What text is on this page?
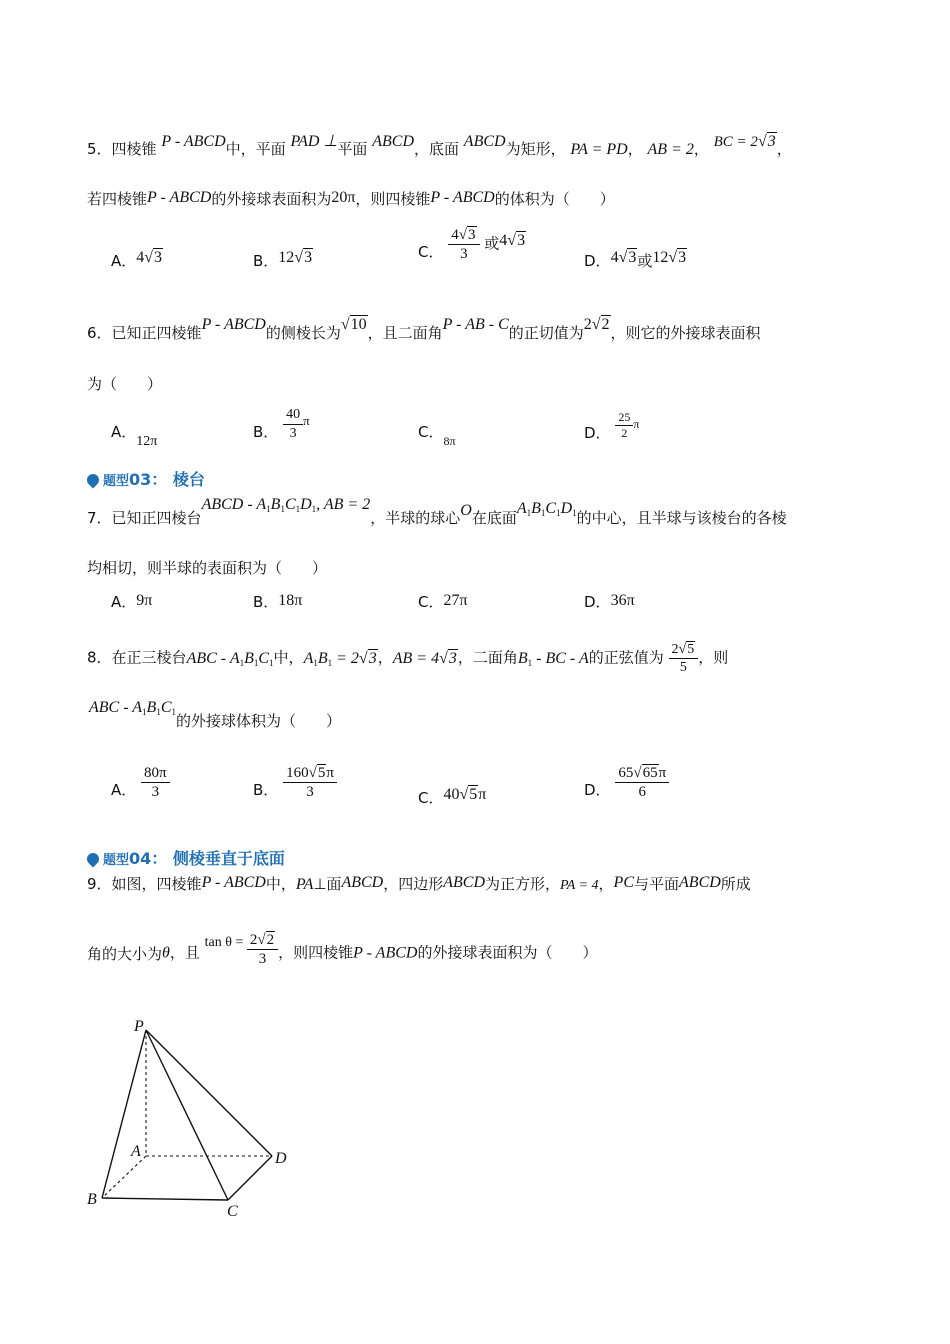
5．四棱锥 P - ABCD中，平面 PAD ⊥平面 ABCD，底面 ABCD为矩形， PA = PD， AB = 2， BC = 2√3，
若四棱锥P - ABCD的外接球表面积为20π，则四棱锥P - ABCD的体积为（　　）
A．4√3	B．12√3	C． $\frac{4√3}{3}$ 或4√3
D．4√3或12√3
6．已知正四棱锥P - ABCD的侧棱长为√10，且二面角P - AB - C的正切值为2√2，则它的外接球表面积
为（　　）
A．12π
B． $\frac{40}{3}$ π
C．$_{8\pi}$	D． $\frac{25}{2}$ π
题型03： 棱台
7．已知正四棱台ABCD - $A_1B_1C_1D_1$, AB = 2，半球的球心O在底面$A_1B_1C_1D_1$的中心，且半球与该棱台的各棱
均相切，则半球的表面积为（　　）
A．9π	B．18π	C．27π	D．36π
8．在正三棱台ABC - $A_1B_1C_1$中，$A_1B_1 = 2√3$，AB = 4√3，二面角$B_1$ - BC - A的正弦值为 $\frac{2√5}{5}$ ，则
ABC - $A_1B_1C_1$的外接球体积为（　　）
A． $\frac{80\pi}{3}$	B． $\frac{160√5\pi}{3}$	C．40√5π	D． $\frac{65√65\pi}{6}$
题型04： 侧棱垂直于底面
9．如图，四棱锥P - ABCD中，PA⊥面ABCD，四边形ABCD为正方形，PA = 4，PC与平面ABCD所成
角的大小为θ，且 $\tan \theta = \frac{2√2}{3}$ ，则四棱锥P - ABCD的外接球表面积为（　　）
P
A
B
C
D
